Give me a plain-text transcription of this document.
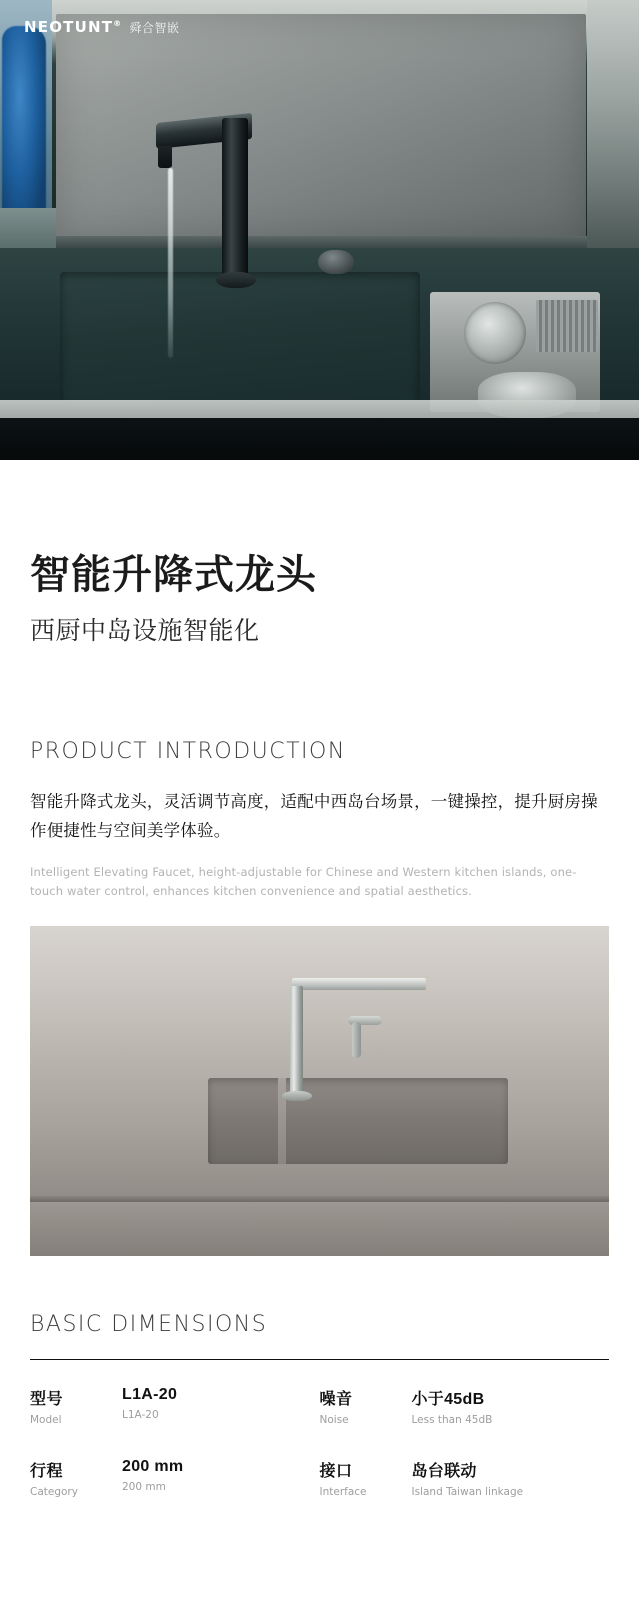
NEOTUNT® 舜合智嵌
智能升降式龙头
西厨中岛设施智能化
PRODUCT INTRODUCTION

智能升降式龙头，灵活调节高度，适配中西岛台场景，一键操控，提升厨房操作便捷性与空间美学体验。

Intelligent Elevating Faucet, height-adjustable for Chinese and Western kitchen islands, one-touch water control, enhances kitchen convenience and spatial aesthetics.

BASIC DIMENSIONS
型号
Model
L1A-20
L1A-20
噪音
Noise
小于45dB
Less than 45dB
行程
Category
200 mm
200 mm
接口
Interface
岛台联动
Island Taiwan linkage
